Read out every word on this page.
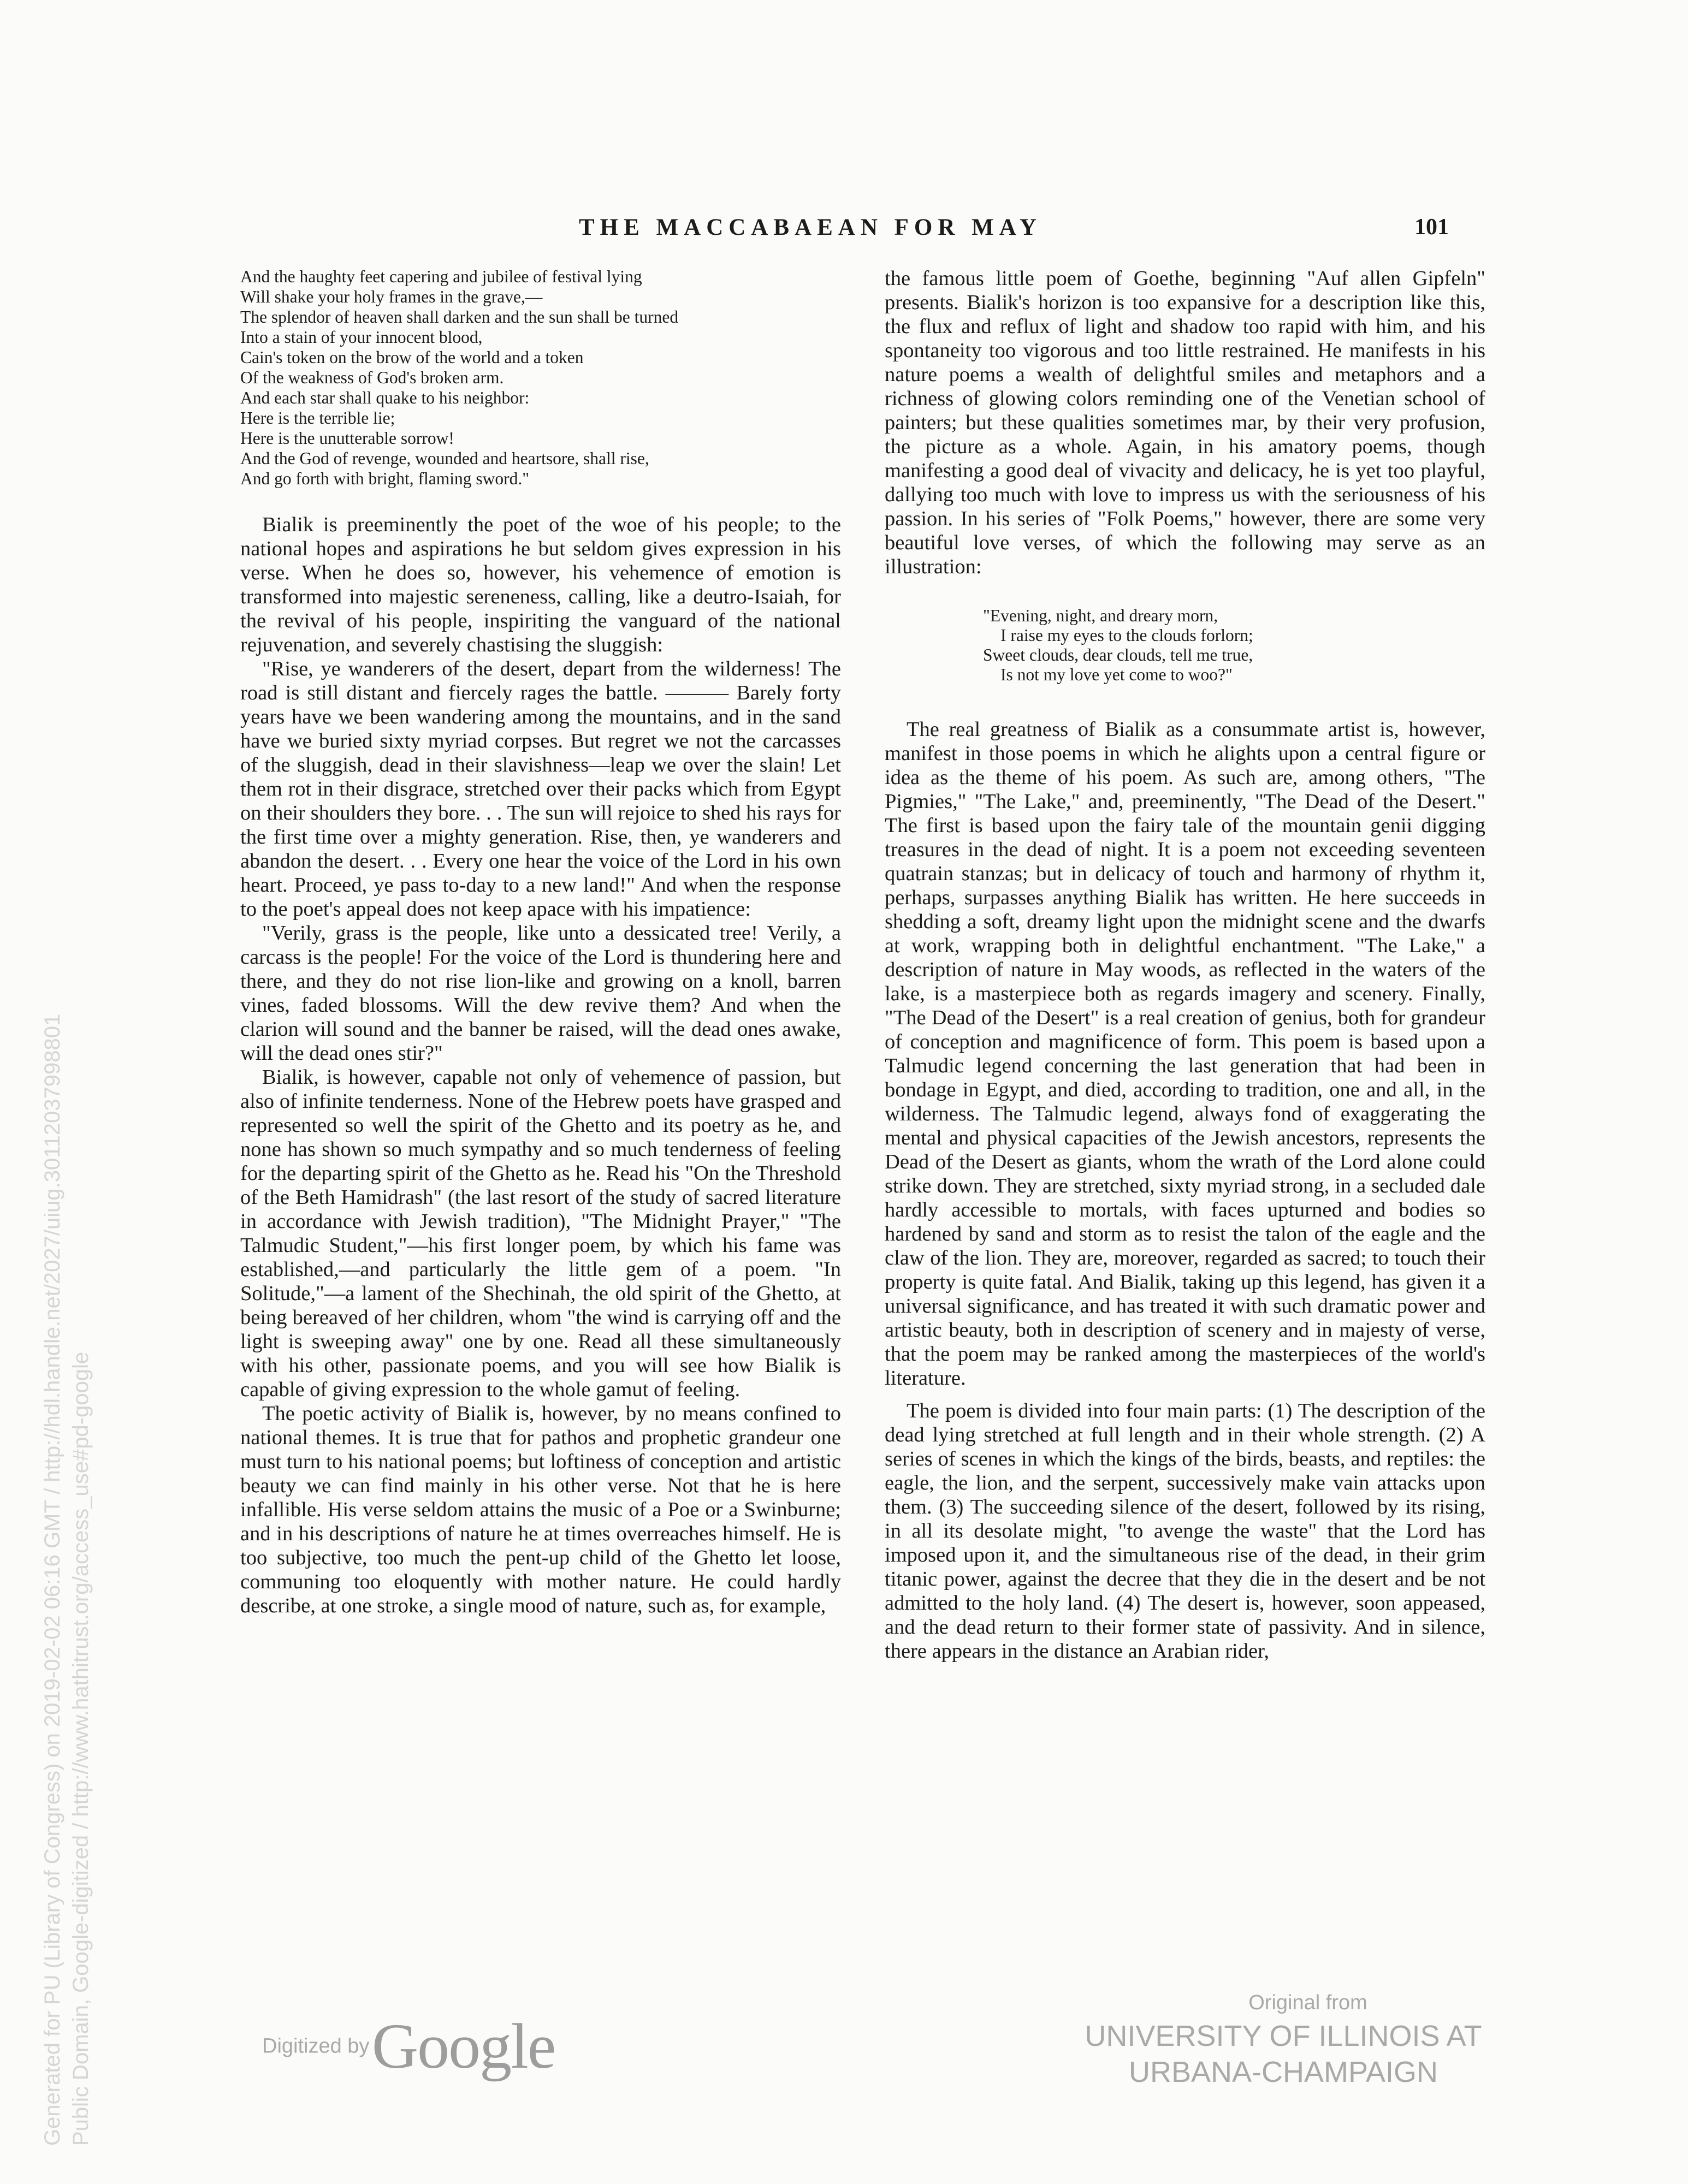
THE MACCABAEAN FOR MAY	101
And the haughty feet capering and jubilee of festival lying
Will shake your holy frames in the grave,—
The splendor of heaven shall darken and the sun shall be turned
Into a stain of your innocent blood,
Cain's token on the brow of the world and a token
Of the weakness of God's broken arm.
And each star shall quake to his neighbor:
Here is the terrible lie;
Here is the unutterable sorrow!
And the God of revenge, wounded and heartsore, shall rise,
And go forth with bright, flaming sword."

Bialik is preeminently the poet of the woe of his people; to the national hopes and aspirations he but seldom gives expression in his verse. When he does so, however, his vehemence of emotion is transformed into majestic sereneness, calling, like a deutro-Isaiah, for the revival of his people, inspiriting the vanguard of the national rejuvenation, and severely chastising the sluggish:

"Rise, ye wanderers of the desert, depart from the wilderness! The road is still distant and fiercely rages the battle. ——— Barely forty years have we been wandering among the mountains, and in the sand have we buried sixty myriad corpses. But regret we not the carcasses of the sluggish, dead in their slavishness—leap we over the slain! Let them rot in their disgrace, stretched over their packs which from Egypt on their shoulders they bore. . . The sun will rejoice to shed his rays for the first time over a mighty generation. Rise, then, ye wanderers and abandon the desert. . . Every one hear the voice of the Lord in his own heart. Proceed, ye pass to-day to a new land!" And when the response to the poet's appeal does not keep apace with his impatience:

"Verily, grass is the people, like unto a dessicated tree! Verily, a carcass is the people! For the voice of the Lord is thundering here and there, and they do not rise lion-like and growing on a knoll, barren vines, faded blossoms. Will the dew revive them? And when the clarion will sound and the banner be raised, will the dead ones awake, will the dead ones stir?"

Bialik, is however, capable not only of vehemence of passion, but also of infinite tenderness. None of the Hebrew poets have grasped and represented so well the spirit of the Ghetto and its poetry as he, and none has shown so much sympathy and so much tenderness of feeling for the departing spirit of the Ghetto as he. Read his "On the Threshold of the Beth Hamidrash" (the last resort of the study of sacred literature in accordance with Jewish tradition), "The Midnight Prayer," "The Talmudic Student,"—his first longer poem, by which his fame was established,—and particularly the little gem of a poem. "In Solitude,"—a lament of the Shechinah, the old spirit of the Ghetto, at being bereaved of her children, whom "the wind is carrying off and the light is sweeping away" one by one. Read all these simultaneously with his other, passionate poems, and you will see how Bialik is capable of giving expression to the whole gamut of feeling.

The poetic activity of Bialik is, however, by no means confined to national themes. It is true that for pathos and prophetic grandeur one must turn to his national poems; but loftiness of conception and artistic beauty we can find mainly in his other verse. Not that he is here infallible. His verse seldom attains the music of a Poe or a Swinburne; and in his descriptions of nature he at times overreaches himself. He is too subjective, too much the pent-up child of the Ghetto let loose, communing too eloquently with mother nature. He could hardly describe, at one stroke, a single mood of nature, such as, for example,

the famous little poem of Goethe, beginning "Auf allen Gipfeln" presents. Bialik's horizon is too expansive for a description like this, the flux and reflux of light and shadow too rapid with him, and his spontaneity too vigorous and too little restrained. He manifests in his nature poems a wealth of delightful smiles and metaphors and a richness of glowing colors reminding one of the Venetian school of painters; but these qualities sometimes mar, by their very profusion, the picture as a whole. Again, in his amatory poems, though manifesting a good deal of vivacity and delicacy, he is yet too playful, dallying too much with love to impress us with the seriousness of his passion. In his series of "Folk Poems," however, there are some very beautiful love verses, of which the following may serve as an illustration:

"Evening, night, and dreary morn,
I raise my eyes to the clouds forlorn;
Sweet clouds, dear clouds, tell me true,
Is not my love yet come to woo?"

The real greatness of Bialik as a consummate artist is, however, manifest in those poems in which he alights upon a central figure or idea as the theme of his poem. As such are, among others, "The Pigmies," "The Lake," and, preeminently, "The Dead of the Desert." The first is based upon the fairy tale of the mountain genii digging treasures in the dead of night. It is a poem not exceeding seventeen quatrain stanzas; but in delicacy of touch and harmony of rhythm it, perhaps, surpasses anything Bialik has written. He here succeeds in shedding a soft, dreamy light upon the midnight scene and the dwarfs at work, wrapping both in delightful enchantment. "The Lake," a description of nature in May woods, as reflected in the waters of the lake, is a masterpiece both as regards imagery and scenery. Finally, "The Dead of the Desert" is a real creation of genius, both for grandeur of conception and magnificence of form. This poem is based upon a Talmudic legend concerning the last generation that had been in bondage in Egypt, and died, according to tradition, one and all, in the wilderness. The Talmudic legend, always fond of exaggerating the mental and physical capacities of the Jewish ancestors, represents the Dead of the Desert as giants, whom the wrath of the Lord alone could strike down. They are stretched, sixty myriad strong, in a secluded dale hardly accessible to mortals, with faces upturned and bodies so hardened by sand and storm as to resist the talon of the eagle and the claw of the lion. They are, moreover, regarded as sacred; to touch their property is quite fatal. And Bialik, taking up this legend, has given it a universal significance, and has treated it with such dramatic power and artistic beauty, both in description of scenery and in majesty of verse, that the poem may be ranked among the masterpieces of the world's literature.

The poem is divided into four main parts: (1) The description of the dead lying stretched at full length and in their whole strength. (2) A series of scenes in which the kings of the birds, beasts, and reptiles: the eagle, the lion, and the serpent, successively make vain attacks upon them. (3) The succeeding silence of the desert, followed by its rising, in all its desolate might, "to avenge the waste" that the Lord has imposed upon it, and the simultaneous rise of the dead, in their grim titanic power, against the decree that they die in the desert and be not admitted to the holy land. (4) The desert is, however, soon appeased, and the dead return to their former state of passivity. And in silence, there appears in the distance an Arabian rider,

Generated for PU (Library of Congress) on 2019-02-02 06:16 GMT / http://hdl.handle.net/2027/uiug.30112037998801 Public Domain, Google-digitized / http://www.hathitrust.org/access_use#pd-google	Digitized by Google
Original from
UNIVERSITY OF ILLINOIS AT
URBANA-CHAMPAIGN
